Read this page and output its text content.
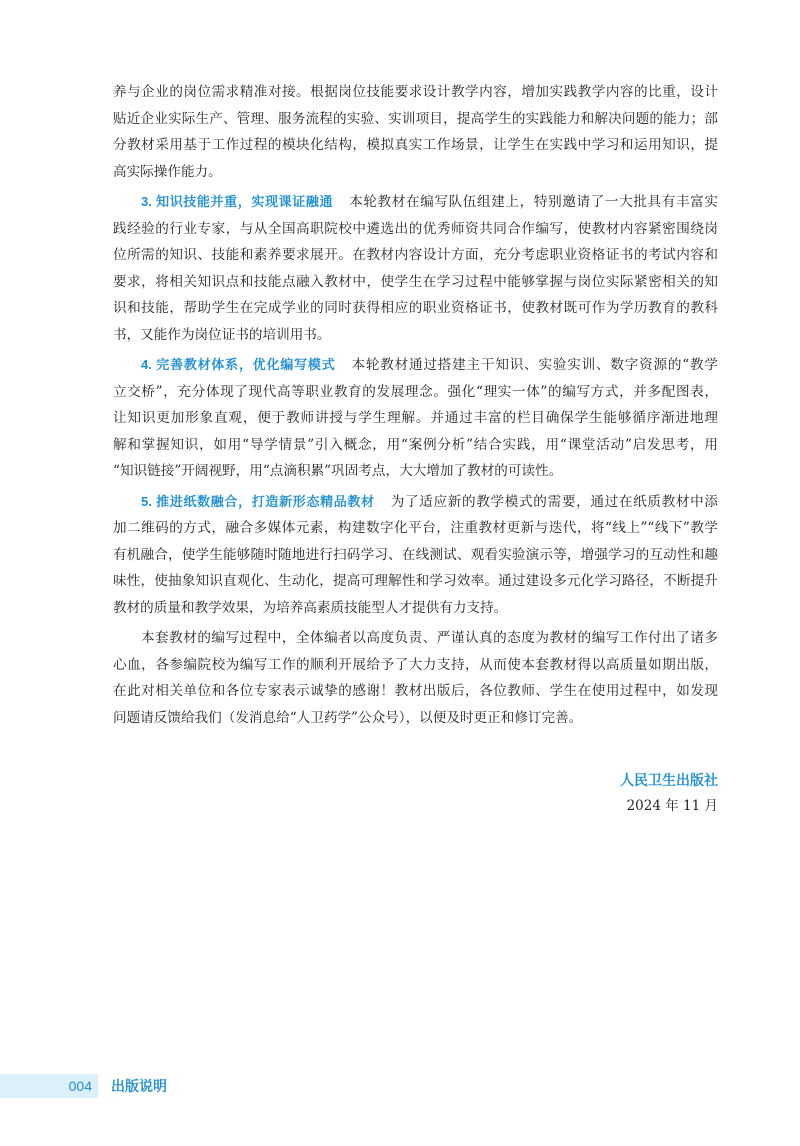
养与企业的岗位需求精准对接。根据岗位技能要求设计教学内容，增加实践教学内容的比重，设计
贴近企业实际生产、管理、服务流程的实验、实训项目，提高学生的实践能力和解决问题的能力；部
分教材采用基于工作过程的模块化结构，模拟真实工作场景，让学生在实践中学习和运用知识，提
高实际操作能力。
3. 知识技能并重，实现课证融通 本轮教材在编写队伍组建上，特别邀请了一大批具有丰富实
践经验的行业专家，与从全国高职院校中遴选出的优秀师资共同合作编写，使教材内容紧密围绕岗
位所需的知识、技能和素养要求展开。在教材内容设计方面，充分考虑职业资格证书的考试内容和
要求，将相关知识点和技能点融入教材中，使学生在学习过程中能够掌握与岗位实际紧密相关的知
识和技能，帮助学生在完成学业的同时获得相应的职业资格证书，使教材既可作为学历教育的教科
书，又能作为岗位证书的培训用书。
4. 完善教材体系，优化编写模式 本轮教材通过搭建主干知识、实验实训、数字资源的“教学
立交桥”，充分体现了现代高等职业教育的发展理念。强化“理实一体”的编写方式，并多配图表，
让知识更加形象直观，便于教师讲授与学生理解。并通过丰富的栏目确保学生能够循序渐进地理
解和掌握知识，如用“导学情景”引入概念，用“案例分析”结合实践，用“课堂活动”启发思考，用
“知识链接”开阔视野，用“点滴积累”巩固考点，大大增加了教材的可读性。
5. 推进纸数融合，打造新形态精品教材 为了适应新的教学模式的需要，通过在纸质教材中添
加二维码的方式，融合多媒体元素，构建数字化平台，注重教材更新与迭代，将“线上”“线下”教学
有机融合，使学生能够随时随地进行扫码学习、在线测试、观看实验演示等，增强学习的互动性和趣
味性，使抽象知识直观化、生动化，提高可理解性和学习效率。通过建设多元化学习路径，不断提升
教材的质量和教学效果，为培养高素质技能型人才提供有力支持。
本套教材的编写过程中，全体编者以高度负责、严谨认真的态度为教材的编写工作付出了诸多
心血，各参编院校为编写工作的顺利开展给予了大力支持，从而使本套教材得以高质量如期出版，
在此对相关单位和各位专家表示诚挚的感谢！教材出版后，各位教师、学生在使用过程中，如发现
问题请反馈给我们（发消息给“人卫药学”公众号），以便及时更正和修订完善。
人民卫生出版社
2024 年 11 月
004 出版说明
